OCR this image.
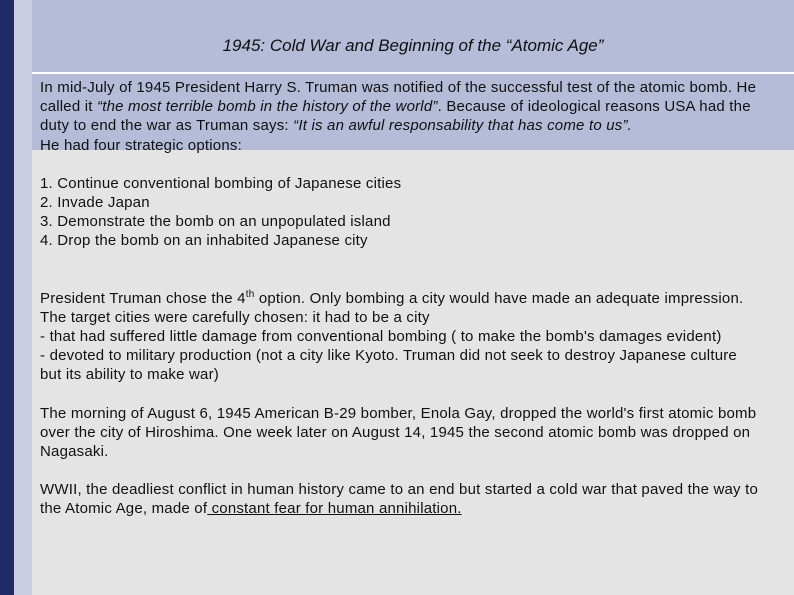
1945: Cold War and Beginning of the “Atomic Age”

In mid-July of 1945 President Harry S. Truman was notified of the successful test of the atomic bomb. He called it “the most terrible bomb in the history of the world”. Because of ideological reasons USA had the duty to end the war as Truman says: “It is an awful responsability that has come to us”.

He had four strategic options:

1. Continue conventional bombing of Japanese cities

2. Invade Japan

3. Demonstrate the bomb on an unpopulated island

4. Drop the bomb on an inhabited Japanese city

President Truman chose the 4th option. Only bombing a city would have made an adequate impression. The target cities were carefully chosen: it had to be a city

- that had suffered little damage from conventional bombing ( to make the bomb's damages evident)

- devoted to military production (not a city like Kyoto. Truman did not seek to destroy Japanese culture but its ability to make war)

The morning of August 6, 1945 American B-29 bomber, Enola Gay, dropped the world's first atomic bomb over the city of Hiroshima. One week later on August 14, 1945 the second atomic bomb was dropped on Nagasaki.

WWII, the deadliest conflict in human history came to an end but started a cold war that paved the way to the Atomic Age, made of constant fear for human annihilation.
